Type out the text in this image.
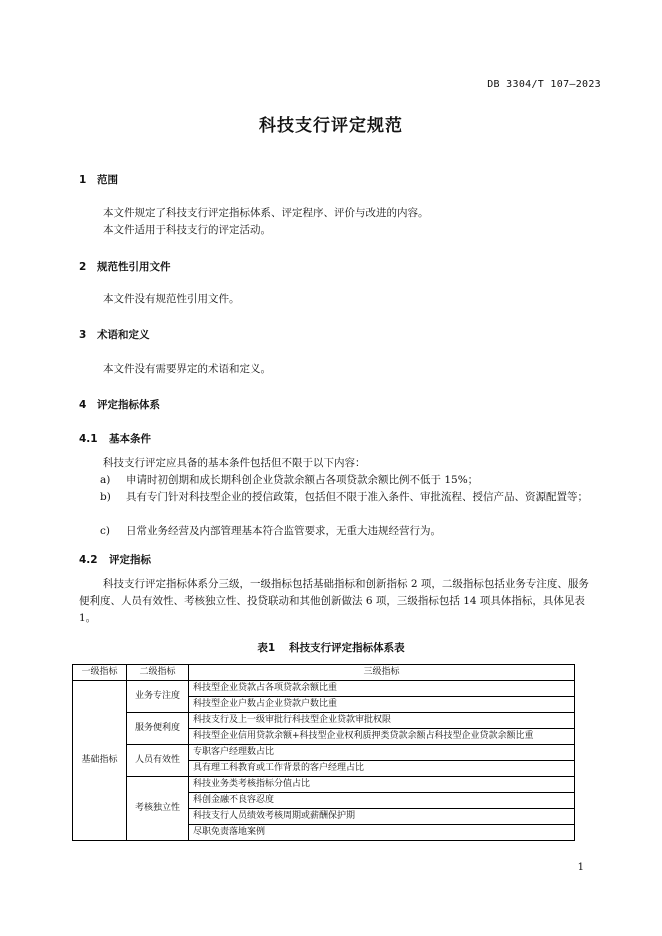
DB 3304/T 107—2023
科技支行评定规范
1 范围
本文件规定了科技支行评定指标体系、评定程序、评价与改进的内容。
本文件适用于科技支行的评定活动。
2 规范性引用文件
本文件没有规范性引用文件。
3 术语和定义
本文件没有需要界定的术语和定义。
4 评定指标体系
4.1 基本条件
科技支行评定应具备的基本条件包括但不限于以下内容：
a) 申请时初创期和成长期科创企业贷款余额占各项贷款余额比例不低于 15%；
b) 具有专门针对科技型企业的授信政策，包括但不限于准入条件、审批流程、授信产品、资源配置等；
c) 日常业务经营及内部管理基本符合监管要求，无重大违规经营行为。
4.2 评定指标
科技支行评定指标体系分三级，一级指标包括基础指标和创新指标 2 项，二级指标包括业务专注度、服务便利度、人员有效性、考核独立性、投贷联动和其他创新做法 6 项，三级指标包括 14 项具体指标，具体见表 1。
表1 科技支行评定指标体系表
一级指标	二级指标	三级指标
基础指标	业务专注度	科技型企业贷款占各项贷款余额比重
		科技型企业户数占企业贷款户数比重
	服务便利度	科技支行及上一级审批行科技型企业贷款审批权限
		科技型企业信用贷款余额+科技型企业权利质押类贷款余额占科技型企业贷款余额比重
	人员有效性	专职客户经理数占比
		具有理工科教育或工作背景的客户经理占比
	考核独立性	科技业务类考核指标分值占比
		科创金融不良容忍度
		科技支行人员绩效考核周期或薪酬保护期
		尽职免责落地案例
1
